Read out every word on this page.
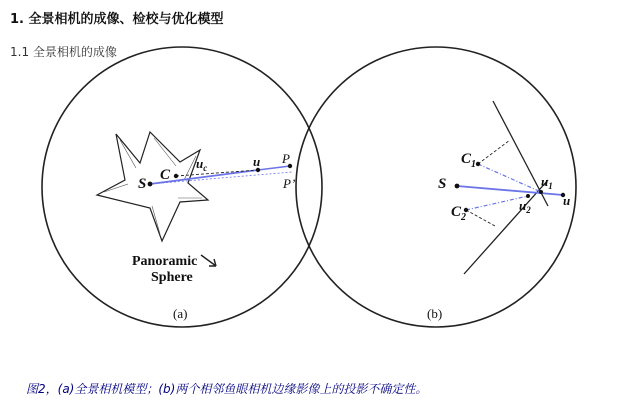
1. 全景相机的成像、检校与优化模型
1.1 全景相机的成像
S
C
$u_c$	u P
P’
Panoramic
Sphere
(a)
S
$C_1$
$C_2$
$u_1$
$u_2$
u
(b)
图2，(a)全景相机模型；(b)两个相邻鱼眼相机边缘影像上的投影不确定性。
